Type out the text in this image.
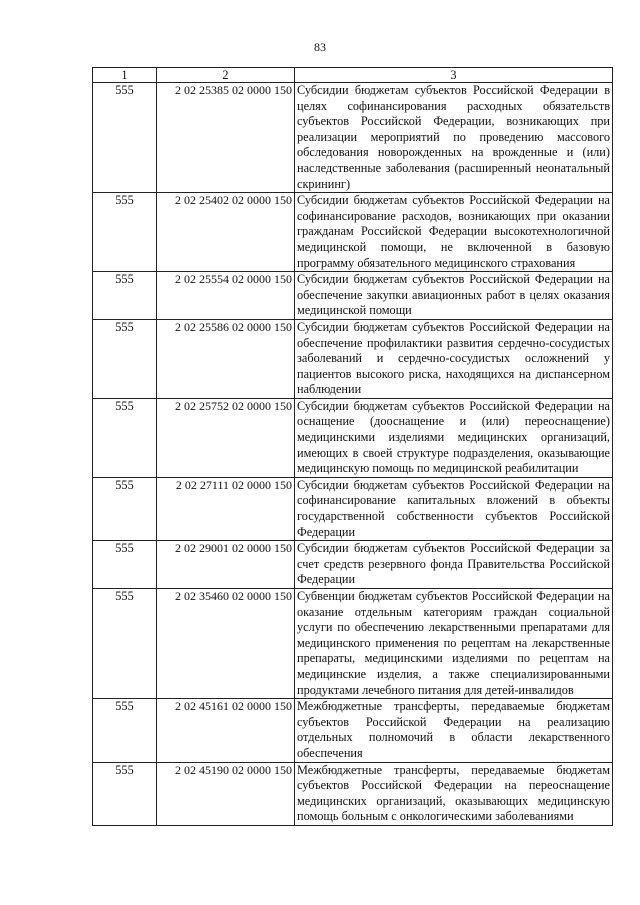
83
1	2	3
555	2 02 25385 02 0000 150	Субсидии бюджетам субъектов Российской Федерации в целях софинансирования расходных обязательств субъектов Российской Федерации, возникающих при реализации мероприятий по проведению массового обследования новорожденных на врожденные и (или) наследственные заболевания (расширенный неонатальный скрининг)
555	2 02 25402 02 0000 150	Субсидии бюджетам субъектов Российской Федерации на софинансирование расходов, возникающих при оказании гражданам Российской Федерации высокотехнологичной медицинской помощи, не включенной в базовую программу обязательного медицинского страхования
555	2 02 25554 02 0000 150	Субсидии бюджетам субъектов Российской Федерации на обеспечение закупки авиационных работ в целях оказания медицинской помощи
555	2 02 25586 02 0000 150	Субсидии бюджетам субъектов Российской Федерации на обеспечение профилактики развития сердечно-сосудистых заболеваний и сердечно-сосудистых осложнений у пациентов высокого риска, находящихся на диспансерном наблюдении
555	2 02 25752 02 0000 150	Субсидии бюджетам субъектов Российской Федерации на оснащение (дооснащение и (или) переоснащение) медицинскими изделиями медицинских организаций, имеющих в своей структуре подразделения, оказывающие медицинскую помощь по медицинской реабилитации
555	2 02 27111 02 0000 150	Субсидии бюджетам субъектов Российской Федерации на софинансирование капитальных вложений в объекты государственной собственности субъектов Российской Федерации
555	2 02 29001 02 0000 150	Субсидии бюджетам субъектов Российской Федерации за счет средств резервного фонда Правительства Российской Федерации
555	2 02 35460 02 0000 150	Субвенции бюджетам субъектов Российской Федерации на оказание отдельным категориям граждан социальной услуги по обеспечению лекарственными препаратами для медицинского применения по рецептам на лекарственные препараты, медицинскими изделиями по рецептам на медицинские изделия, а также специализированными продуктами лечебного питания для детей-инвалидов
555	2 02 45161 02 0000 150	Межбюджетные трансферты, передаваемые бюджетам субъектов Российской Федерации на реализацию отдельных полномочий в области лекарственного обеспечения
555	2 02 45190 02 0000 150	Межбюджетные трансферты, передаваемые бюджетам субъектов Российской Федерации на переоснащение медицинских организаций, оказывающих медицинскую помощь больным с онкологическими заболеваниями
